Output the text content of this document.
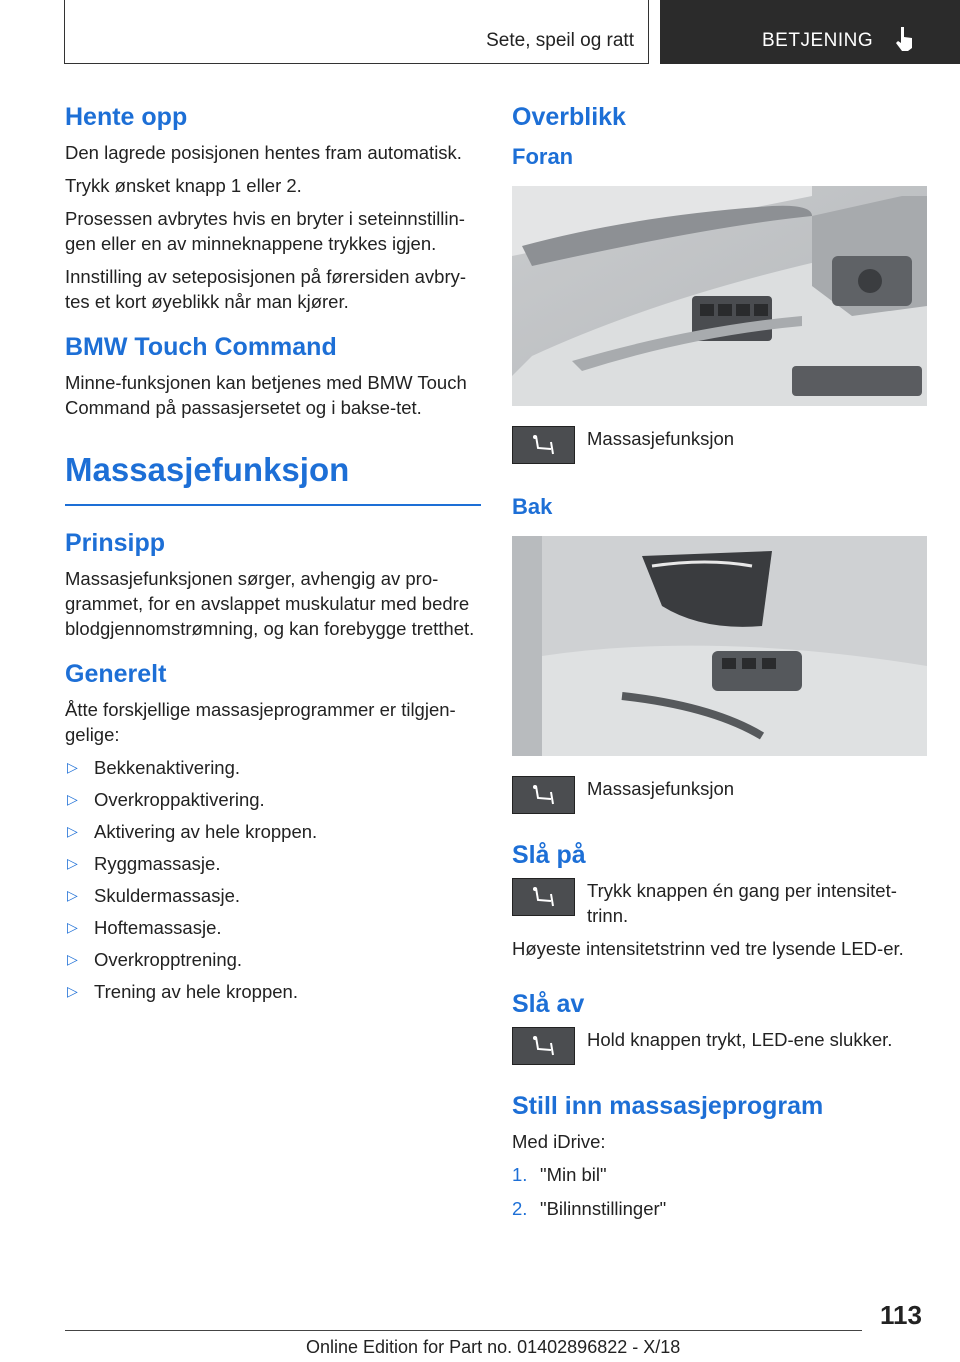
Sete, speil og ratt	BETJENING
Hente opp

Den lagrede posisjonen hentes fram automatisk.

Trykk ønsket knapp 1 eller 2.

Prosessen avbrytes hvis en bryter i seteinnstillin-gen eller en av minneknappene trykkes igjen.

Innstilling av seteposisjonen på førersiden avbry-tes et kort øyeblikk når man kjører.

BMW Touch Command

Minne-funksjonen kan betjenes med BMW Touch Command på passasjersetet og i bakse-tet.

Massasjefunksjon
Prinsipp

Massasjefunksjonen sørger, avhengig av pro-grammet, for en avslappet muskulatur med bedre blodgjennomstrømning, og kan forebygge tretthet.

Generelt

Åtte forskjellige massasjeprogrammer er tilgjen-gelige:

▷ Bekkenaktivering.
▷ Overkroppaktivering.
▷ Aktivering av hele kroppen.
▷ Ryggmassasje.
▷ Skuldermassasje.
▷ Hoftemassasje.
▷ Overkropptrening.
▷ Trening av hele kroppen.
Overblikk
Foran

Massasjefunksjon

Bak

Massasjefunksjon

Slå på

Trykk knappen én gang per intensitet-trinn.

Høyeste intensitetstrinn ved tre lysende LED-er.

Slå av

Hold knappen trykt, LED-ene slukker.

Still inn massasjeprogram

Med iDrive:

1. "Min bil"
2. "Bilinnstillinger"
113
Online Edition for Part no. 01402896822 - X/18
